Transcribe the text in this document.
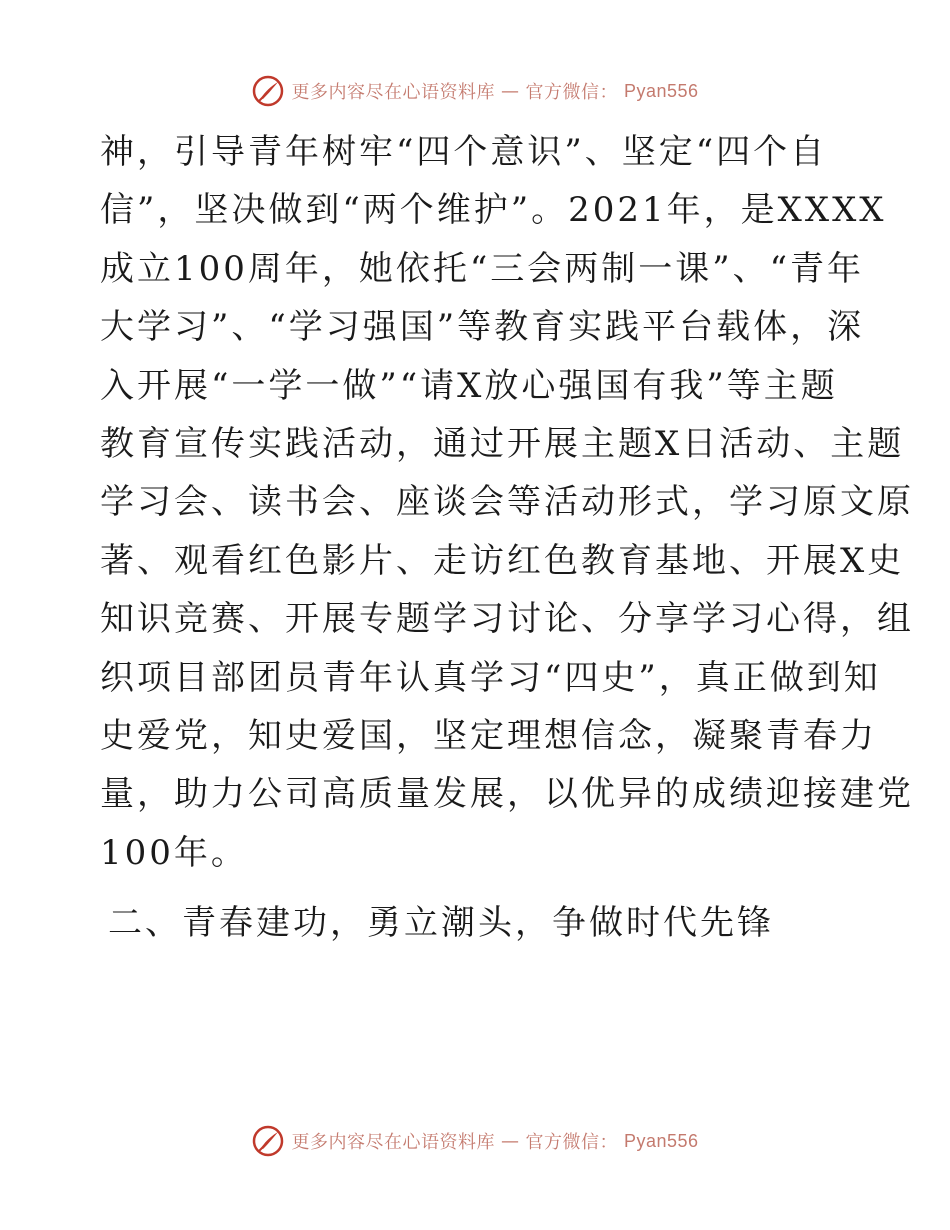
更多内容尽在心语资料库 — 官方微信： Pyan556
神，引导青年树牢“四个意识”、坚定“四个自
信”，坚决做到“两个维护”。2021年，是XXXX
成立100周年，她依托“三会两制一课”、“青年
大学习”、“学习强国”等教育实践平台载体，深
入开展“一学一做”“请X放心强国有我”等主题
教育宣传实践活动，通过开展主题X日活动、主题
学习会、读书会、座谈会等活动形式，学习原文原
著、观看红色影片、走访红色教育基地、开展X史
知识竞赛、开展专题学习讨论、分享学习心得，组
织项目部团员青年认真学习“四史”，真正做到知
史爱党，知史爱国，坚定理想信念，凝聚青春力
量，助力公司高质量发展，以优异的成绩迎接建党
100年。
二、青春建功，勇立潮头，争做时代先锋
更多内容尽在心语资料库 — 官方微信： Pyan556
